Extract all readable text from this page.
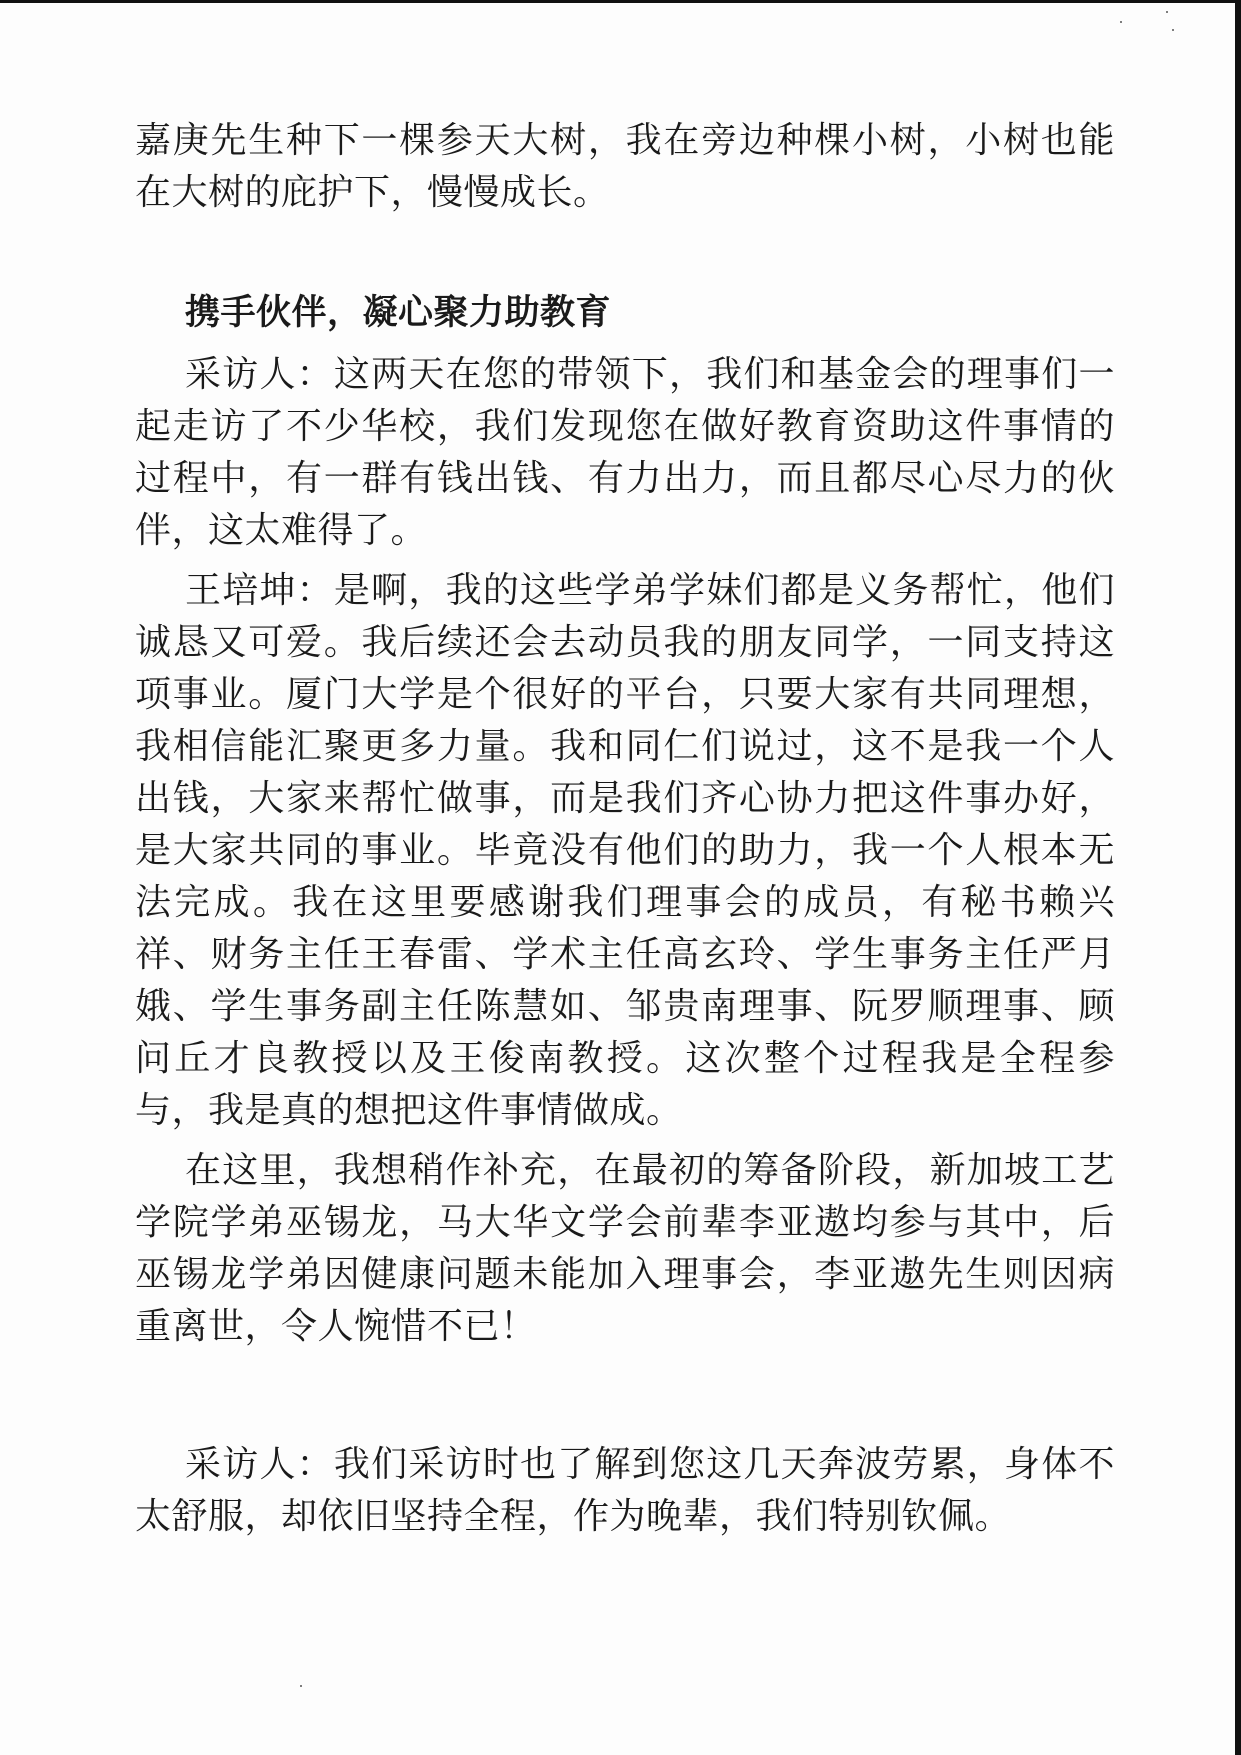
嘉庚先生种下一棵参天大树，我在旁边种棵小树，小树也能在大树的庇护下，慢慢成长。

携手伙伴，凝心聚力助教育

采访人：这两天在您的带领下，我们和基金会的理事们一起走访了不少华校，我们发现您在做好教育资助这件事情的过程中，有一群有钱出钱、有力出力，而且都尽心尽力的伙伴，这太难得了。

王培坤：是啊，我的这些学弟学妹们都是义务帮忙，他们诚恳又可爱。我后续还会去动员我的朋友同学，一同支持这项事业。厦门大学是个很好的平台，只要大家有共同理想，我相信能汇聚更多力量。我和同仁们说过，这不是我一个人出钱，大家来帮忙做事，而是我们齐心协力把这件事办好，是大家共同的事业。毕竟没有他们的助力，我一个人根本无法完成。我在这里要感谢我们理事会的成员，有秘书赖兴祥、财务主任王春雷、学术主任高玄玲、学生事务主任严月娥、学生事务副主任陈慧如、邹贵南理事、阮罗顺理事、顾问丘才良教授以及王俊南教授。这次整个过程我是全程参与，我是真的想把这件事情做成。

在这里，我想稍作补充，在最初的筹备阶段，新加坡工艺学院学弟巫锡龙，马大华文学会前辈李亚遨均参与其中，后巫锡龙学弟因健康问题未能加入理事会，李亚遨先生则因病重离世，令人惋惜不已！

采访人：我们采访时也了解到您这几天奔波劳累，身体不太舒服，却依旧坚持全程，作为晚辈，我们特别钦佩。
